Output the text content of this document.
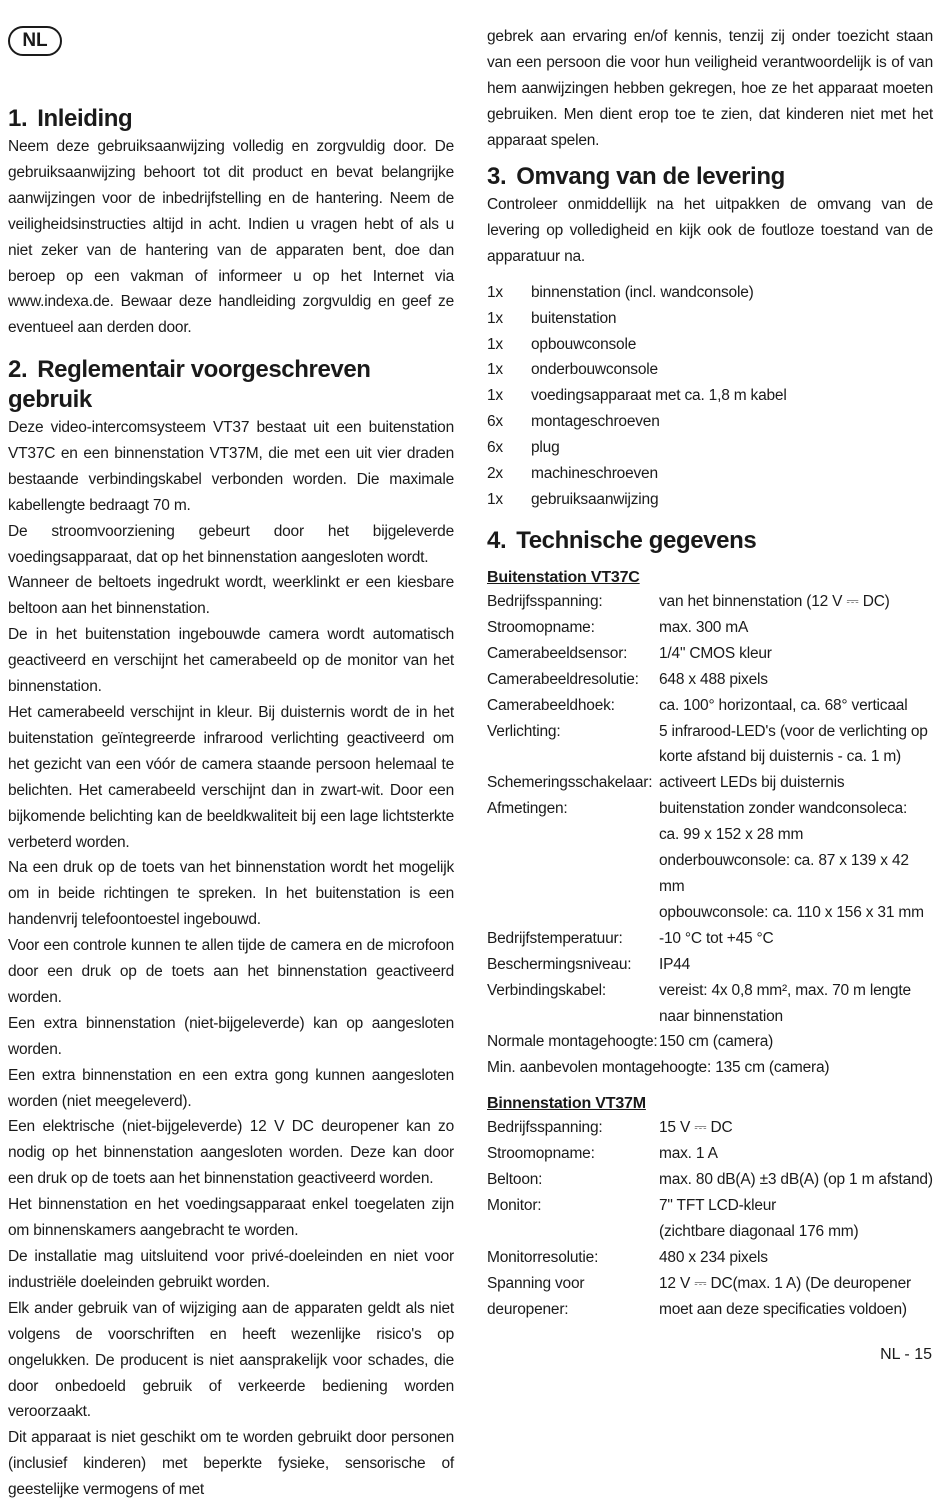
NL
1. Inleiding

Neem deze gebruiksaanwijzing volledig en zorgvuldig door. De gebruiksaanwijzing behoort tot dit product en bevat belangrijke aanwijzingen voor de inbedrijfstelling en de hantering. Neem de veiligheidsinstructies altijd in acht. Indien u vragen hebt of als u niet zeker van de hantering van de apparaten bent, doe dan beroep op een vakman of informeer u op het Internet via www.indexa.de. Bewaar deze handleiding zorgvuldig en geef ze eventueel aan derden door.

2. Reglementair voorgeschreven gebruik

Deze video-intercomsysteem VT37 bestaat uit een buitenstation VT37C en een binnenstation VT37M, die met een uit vier draden bestaande verbindingskabel verbonden worden. Die maximale kabellengte bedraagt 70 m.

De stroomvoorziening gebeurt door het bijgeleverde voedingsapparaat, dat op het binnenstation aangesloten wordt.

Wanneer de beltoets ingedrukt wordt, weerklinkt er een kiesbare beltoon aan het binnenstation.

De in het buitenstation ingebouwde camera wordt automatisch geactiveerd en verschijnt het camerabeeld op de monitor van het binnenstation.

Het camerabeeld verschijnt in kleur. Bij duisternis wordt de in het buitenstation geïntegreerde infrarood verlichting geactiveerd om het gezicht van een vóór de camera staande persoon helemaal te belichten. Het camerabeeld verschijnt dan in zwart-wit. Door een bijkomende belichting kan de beeldkwaliteit bij een lage lichtsterkte verbeterd worden.

Na een druk op de toets van het binnenstation wordt het mogelijk om in beide richtingen te spreken. In het buitenstation is een handenvrij telefoontoestel ingebouwd.

Voor een controle kunnen te allen tijde de camera en de microfoon door een druk op de toets aan het binnenstation geactiveerd worden.

Een extra binnenstation (niet-bijgeleverde) kan op aangesloten worden.

Een extra binnenstation en een extra gong kunnen aangesloten worden (niet meegeleverd).

Een elektrische (niet-bijgeleverde) 12 V DC deuropener kan zo nodig op het binnenstation aangesloten worden. Deze kan door een druk op de toets aan het binnenstation geactiveerd worden.

Het binnenstation en het voedingsapparaat enkel toegelaten zijn om binnenskamers aangebracht te worden.

De installatie mag uitsluitend voor privé-doeleinden en niet voor industriële doeleinden gebruikt worden.

Elk ander gebruik van of wijziging aan de apparaten geldt als niet volgens de voorschriften en heeft wezenlijke risico's op ongelukken. De producent is niet aansprakelijk voor schades, die door onbedoeld gebruik of verkeerde bediening worden veroorzaakt.

Dit apparaat is niet geschikt om te worden gebruikt door personen (inclusief kinderen) met beperkte fysieke, sensorische of geestelijke vermogens of met

gebrek aan ervaring en/of kennis, tenzij zij onder toezicht staan van een persoon die voor hun veiligheid verantwoordelijk is of van hem aanwijzingen hebben gekregen, hoe ze het apparaat moeten gebruiken. Men dient erop toe te zien, dat kinderen niet met het apparaat spelen.

3. Omvang van de levering

Controleer onmiddellijk na het uitpakken de omvang van de levering op volledigheid en kijk ook de foutloze toestand van de apparatuur na.

1x	binnenstation (incl. wandconsole)
1x	buitenstation
1x	opbouwconsole
1x	onderbouwconsole
1x	voedingsapparaat met ca. 1,8 m kabel
6x	montageschroeven
6x	plug
2x	machineschroeven
1x	gebruiksaanwijzing
4. Technische gegevens

Buitenstation VT37C

Bedrijfsspanning:	van het binnenstation (12 V ⎓ DC)
Stroomopname:	max. 300 mA
Camerabeeldsensor:	1/4" CMOS kleur
Camerabeeldresolutie:	648 x 488 pixels
Camerabeeldhoek:	ca. 100° horizontaal, ca. 68° verticaal
Verlichting:	5 infrarood-LED's (voor de verlichting op korte afstand bij duisternis - ca. 1 m)
Schemeringsschakelaar: activeert LEDs bij duisternis
Afmetingen:	buitenstation zonder wandconsoleca:
ca. 99 x 152 x 28 mm
onderbouwconsole: ca. 87 x 139 x 42 mm
opbouwconsole: ca. 110 x 156 x 31 mm
Bedrijfstemperatuur:	-10 °C tot +45 °C
Beschermingsniveau:	IP44
Verbindingskabel:	vereist: 4x 0,8 mm², max. 70 m lengte naar binnenstation
Normale montagehoogte: 150 cm (camera)
Min. aanbevolen montagehoogte: 135 cm (camera)

Binnenstation VT37M

Bedrijfsspanning:	15 V ⎓ DC
Stroomopname:	max. 1 A
Beltoon:	max. 80 dB(A) ±3 dB(A) (op 1 m afstand)
Monitor:	7" TFT LCD-kleur
(zichtbare diagonaal 176 mm)
Monitorresolutie:	480 x 234 pixels
Spanning voor deuropener:
12 V ⎓ DC(max. 1 A) (De deuropener moet aan deze specificaties voldoen)
NL - 15
